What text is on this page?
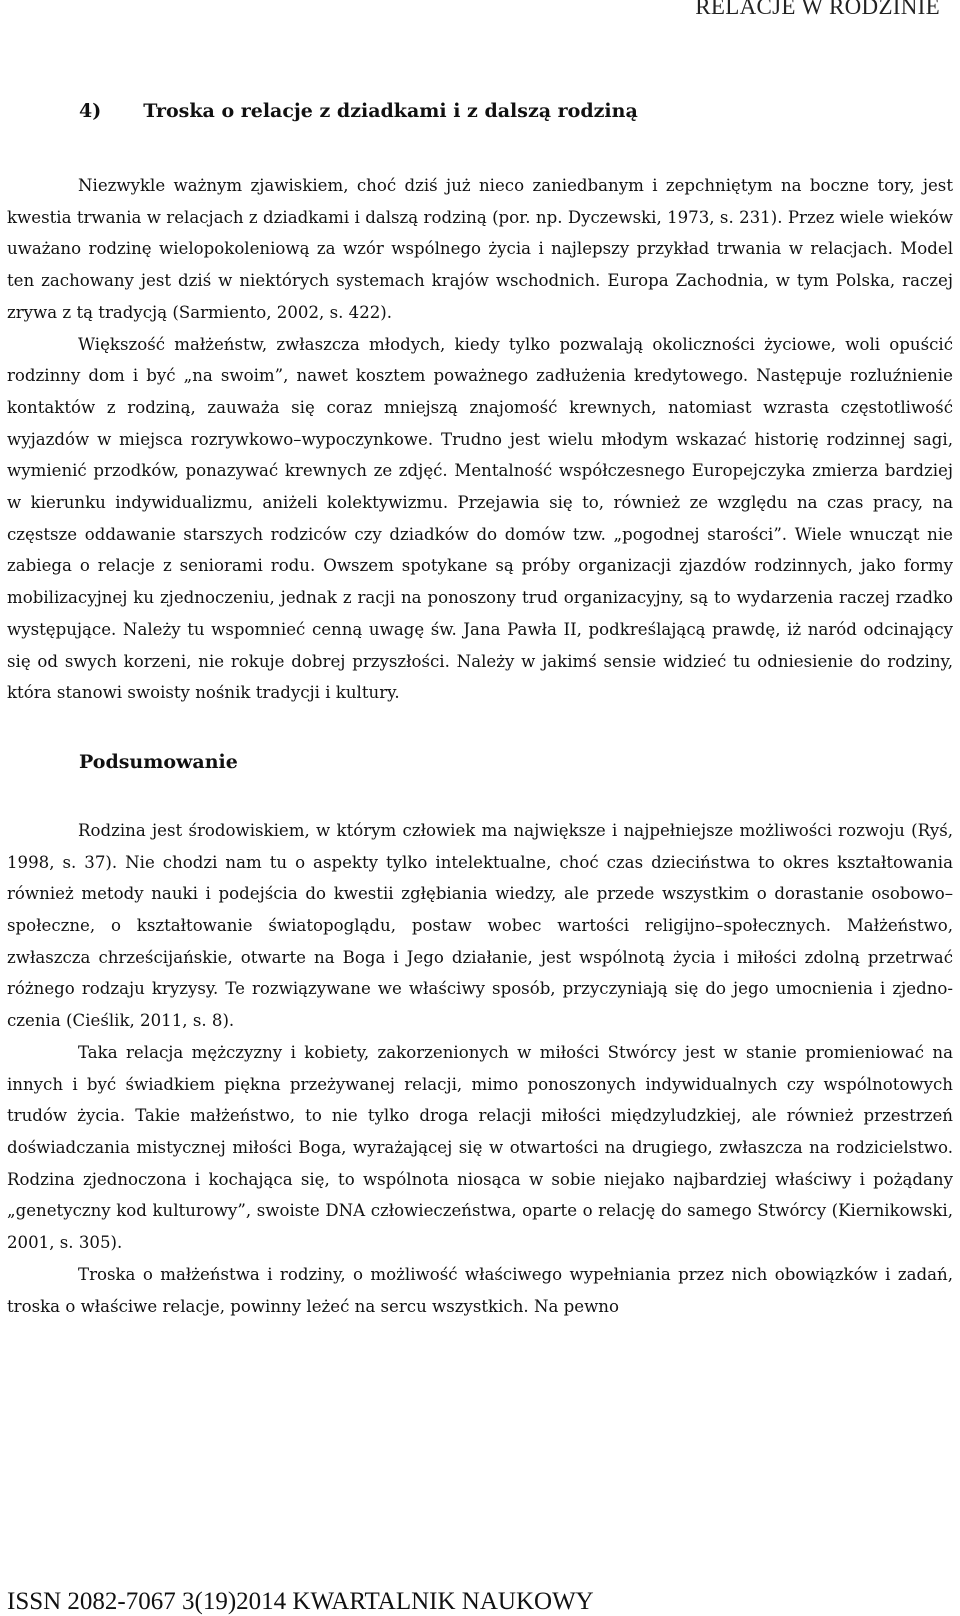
RELACJE W RODZINIE
4) Troska o relacje z dziadkami i z dalszą rodziną

Niezwykle ważnym zjawiskiem, choć dziś już nieco zaniedbanym i zepchniętym na boczne tory, jest kwestia trwania w relacjach z dziadkami i dalszą rodziną (por. np. Dyczewski, 1973, s. 231). Przez wiele wieków uważano rodzinę wielopokoleniową za wzór wspólnego życia i najlepszy przykład trwania w relacjach. Model ten zachowany jest dziś w niektórych systemach krajów wschodnich. Europa Zachodnia, w tym Polska, raczej zrywa z tą tradycją (Sarmiento, 2002, s. 422).

Większość małżeństw, zwłaszcza młodych, kiedy tylko pozwalają okoliczności życiowe, woli opuścić rodzinny dom i być „na swoim”, nawet kosztem poważnego zadłużenia kredytowego. Następuje rozluźnienie kontaktów z rodziną, zauważa się coraz mniejszą znajomość krewnych, natomiast wzrasta częstotliwość wyjazdów w miejsca rozrywkowo–wypoczynkowe. Trudno jest wielu młodym wskazać historię rodzinnej sagi, wymienić przodków, ponazywać krewnych ze zdjęć. Mentalność współczesnego Europejczyka zmierza bardziej w kierunku indywidualizmu, aniżeli kolektywizmu. Przejawia się to, również ze względu na czas pracy, na częstsze oddawanie starszych rodziców czy dziadków do domów tzw. „pogodnej starości”. Wiele wnucząt nie zabiega o relacje z seniorami rodu. Owszem spotykane są próby organizacji zjazdów rodzinnych, jako formy mobilizacyjnej ku zjednoczeniu, jednak z racji na ponoszony trud organizacyjny, są to wydarzenia raczej rzadko występujące. Należy tu wspomnieć cenną uwagę św. Jana Pawła II, podkreślającą prawdę, iż naród odcinający się od swych korzeni, nie rokuje dobrej przyszłości. Należy w jakimś sensie widzieć tu odniesienie do rodziny, która stanowi swoisty nośnik tradycji i kultury.

Podsumowanie

Rodzina jest środowiskiem, w którym człowiek ma największe i najpełniejsze możliwości rozwoju (Ryś, 1998, s. 37). Nie chodzi nam tu o aspekty tylko intelektualne, choć czas dzieciństwa to okres kształtowania również metody nauki i podejścia do kwestii zgłębiania wiedzy, ale przede wszystkim o dorastanie osobowo–społeczne, o kształtowanie światopoglądu, postaw wobec wartości religijno–społecznych. Małżeństwo, zwłaszcza chrześcijańskie, otwarte na Boga i Jego działanie, jest wspólnotą życia i miłości zdolną przetrwać różnego rodzaju kryzysy. Te rozwiązywane we właściwy sposób, przyczyniają się do jego umocnienia i zjedno-czenia (Cieślik, 2011, s. 8).

Taka relacja mężczyzny i kobiety, zakorzenionych w miłości Stwórcy jest w stanie promieniować na innych i być świadkiem piękna przeżywanej relacji, mimo ponoszonych indywidualnych czy wspólnotowych trudów życia. Takie małżeństwo, to nie tylko droga relacji miłości międzyludzkiej, ale również przestrzeń doświadczania mistycznej miłości Boga, wyrażającej się w otwartości na drugiego, zwłaszcza na rodzicielstwo. Rodzina zjednoczona i kochająca się, to wspólnota niosąca w sobie niejako najbardziej właściwy i pożądany „genetyczny kod kulturowy”, swoiste DNA człowieczeństwa, oparte o relację do samego Stwórcy (Kiernikowski, 2001, s. 305).

Troska o małżeństwa i rodziny, o możliwość właściwego wypełniania przez nich obowiązków i zadań, troska o właściwe relacje, powinny leżeć na sercu wszystkich. Na pewno

ISSN 2082-7067 3(19)2014 KWARTALNIK NAUKOWY
